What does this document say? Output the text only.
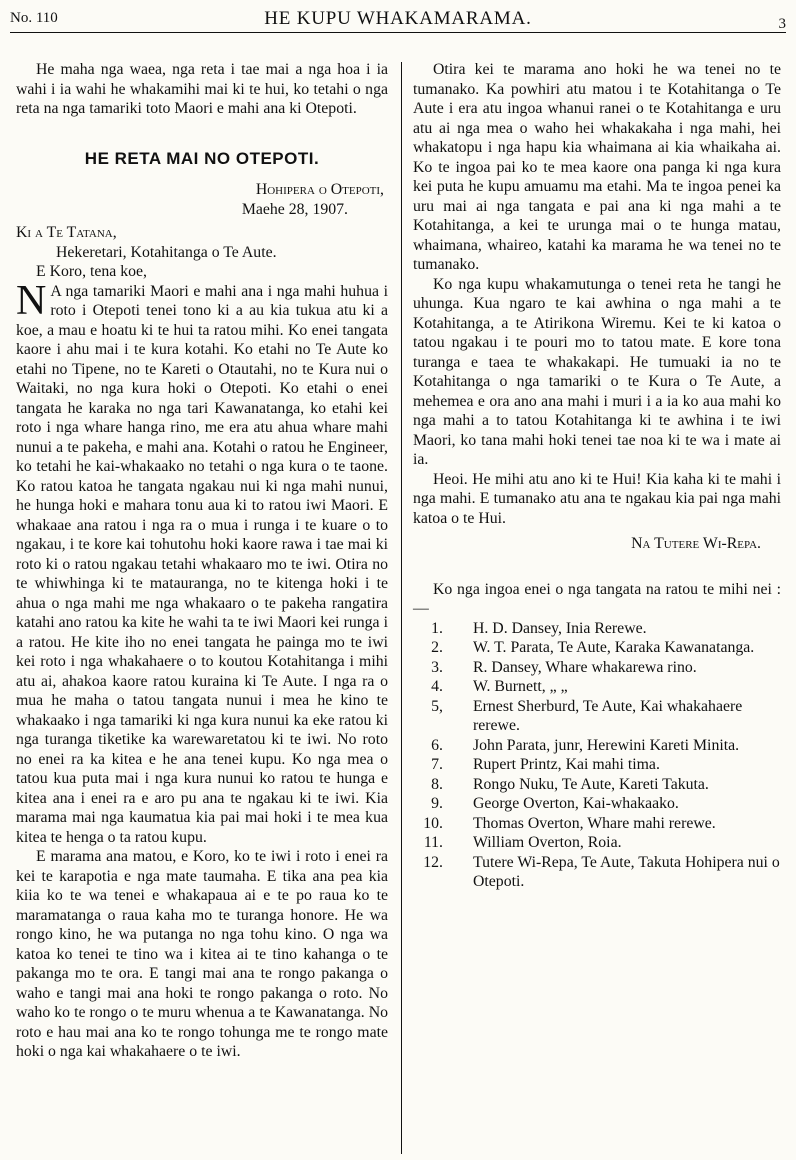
No. 110	HE KUPU WHAKAMARAMA.	3

He maha nga waea, nga reta i tae mai a nga hoa i ia wahi i ia wahi he whakamihi mai ki te hui, ko tetahi o nga reta na nga tamariki toto Maori e mahi ana ki Otepoti.

HE RETA MAI NO OTEPOTI.

Hohipera o Otepoti,

Maehe 28, 1907.

Ki a Te Tatana,

Hekeretari, Kotahitanga o Te Aute.

E Koro, tena koe,

N A nga tamariki Maori e mahi ana i nga mahi huhua i roto i Otepoti tenei tono ki a au kia tukua atu ki a koe, a mau e hoatu ki te hui ta ratou mihi. Ko enei tangata kaore i ahu mai i te kura kotahi. Ko etahi no Te Aute ko etahi no Tipene, no te Kareti o Otautahi, no te Kura nui o Waitaki, no nga kura hoki o Otepoti. Ko etahi o enei tangata he karaka no nga tari Kawanatanga, ko etahi kei roto i nga whare hanga rino, me era atu ahua whare mahi nunui a te pakeha, e mahi ana. Kotahi o ratou he Engineer, ko tetahi he kai-whakaako no tetahi o nga kura o te taone. Ko ratou katoa he tangata ngakau nui ki nga mahi nunui, he hunga hoki e mahara tonu aua ki to ratou iwi Maori. E whakaae ana ratou i nga ra o mua i runga i te kuare o to ngakau, i te kore kai tohutohu hoki kaore rawa i tae mai ki roto ki o ratou ngakau tetahi whakaaro mo te iwi. Otira no te whiwhinga ki te matauranga, no te kitenga hoki i te ahua o nga mahi me nga whakaaro o te pakeha rangatira katahi ano ratou ka kite he wahi ta te iwi Maori kei runga i a ratou. He kite iho no enei tangata he painga mo te iwi kei roto i nga whakahaere o to koutou Kotahitanga i mihi atu ai, ahakoa kaore ratou kuraina ki Te Aute. I nga ra o mua he maha o tatou tangata nunui i mea he kino te whakaako i nga tamariki ki nga kura nunui ka eke ratou ki nga turanga tiketike ka warewaretatou ki te iwi. No roto no enei ra ka kitea e he ana tenei kupu. Ko nga mea o tatou kua puta mai i nga kura nunui ko ratou te hunga e kitea ana i enei ra e aro pu ana te ngakau ki te iwi. Kia marama mai nga kaumatua kia pai mai hoki i te mea kua kitea te henga o ta ratou kupu.

E marama ana matou, e Koro, ko te iwi i roto i enei ra kei te karapotia e nga mate taumaha. E tika ana pea kia kiia ko te wa tenei e whakapaua ai e te po raua ko te maramatanga o raua kaha mo te turanga honore. He wa rongo kino, he wa putanga no nga tohu kino. O nga wa katoa ko tenei te tino wa i kitea ai te tino kahanga o te pakanga mo te ora. E tangi mai ana te rongo pakanga o waho e tangi mai ana hoki te rongo pakanga o roto. No waho ko te rongo o te muru whenua a te Kawanatanga. No roto e hau mai ana ko te rongo tohunga me te rongo mate hoki o nga kai whakahaere o te iwi.

Otira kei te marama ano hoki he wa tenei no te tumanako. Ka powhiri atu matou i te Kotahitanga o Te Aute i era atu ingoa whanui ranei o te Kotahitanga e uru atu ai nga mea o waho hei whakakaha i nga mahi, hei whakatopu i nga hapu kia whaimana ai kia whaikaha ai. Ko te ingoa pai ko te mea kaore ona panga ki nga kura kei puta he kupu amuamu ma etahi. Ma te ingoa penei ka uru mai ai nga tangata e pai ana ki nga mahi a te Kotahitanga, a kei te urunga mai o te hunga matau, whaimana, whaireo, katahi ka marama he wa tenei no te tumanako.

Ko nga kupu whakamutunga o tenei reta he tangi he uhunga. Kua ngaro te kai awhina o nga mahi a te Kotahitanga, a te Atirikona Wiremu. Kei te ki katoa o tatou ngakau i te pouri mo to tatou mate. E kore tona turanga e taea te whakakapi. He tumuaki ia no te Kotahitanga o nga tamariki o te Kura o Te Aute, a mehemea e ora ano ana mahi i muri i a ia ko aua mahi ko nga mahi a to tatou Kotahitanga ki te awhina i te iwi Maori, ko tana mahi hoki tenei tae noa ki te wa i mate ai ia.

Heoi. He mihi atu ano ki te Hui! Kia kaha ki te mahi i nga mahi. E tumanako atu ana te ngakau kia pai nga mahi katoa o te Hui.

Na Tutere Wi-Repa.

Ko nga ingoa enei o nga tangata na ratou te mihi nei :—

1. H. D. Dansey, Inia Rerewe.
2. W. T. Parata, Te Aute, Karaka Kawanatanga.
3. R. Dansey, Whare whakarewa rino.
4. W. Burnett, „ „
5, Ernest Sherburd, Te Aute, Kai whakahaere rerewe.
6. John Parata, junr, Herewini Kareti Minita.
7. Rupert Printz, Kai mahi tima.
8. Rongo Nuku, Te Aute, Kareti Takuta.
9. George Overton, Kai-whakaako.
10. Thomas Overton, Whare mahi rerewe.
11. William Overton, Roia.
12. Tutere Wi-Repa, Te Aute, Takuta Hohipera nui o Otepoti.
